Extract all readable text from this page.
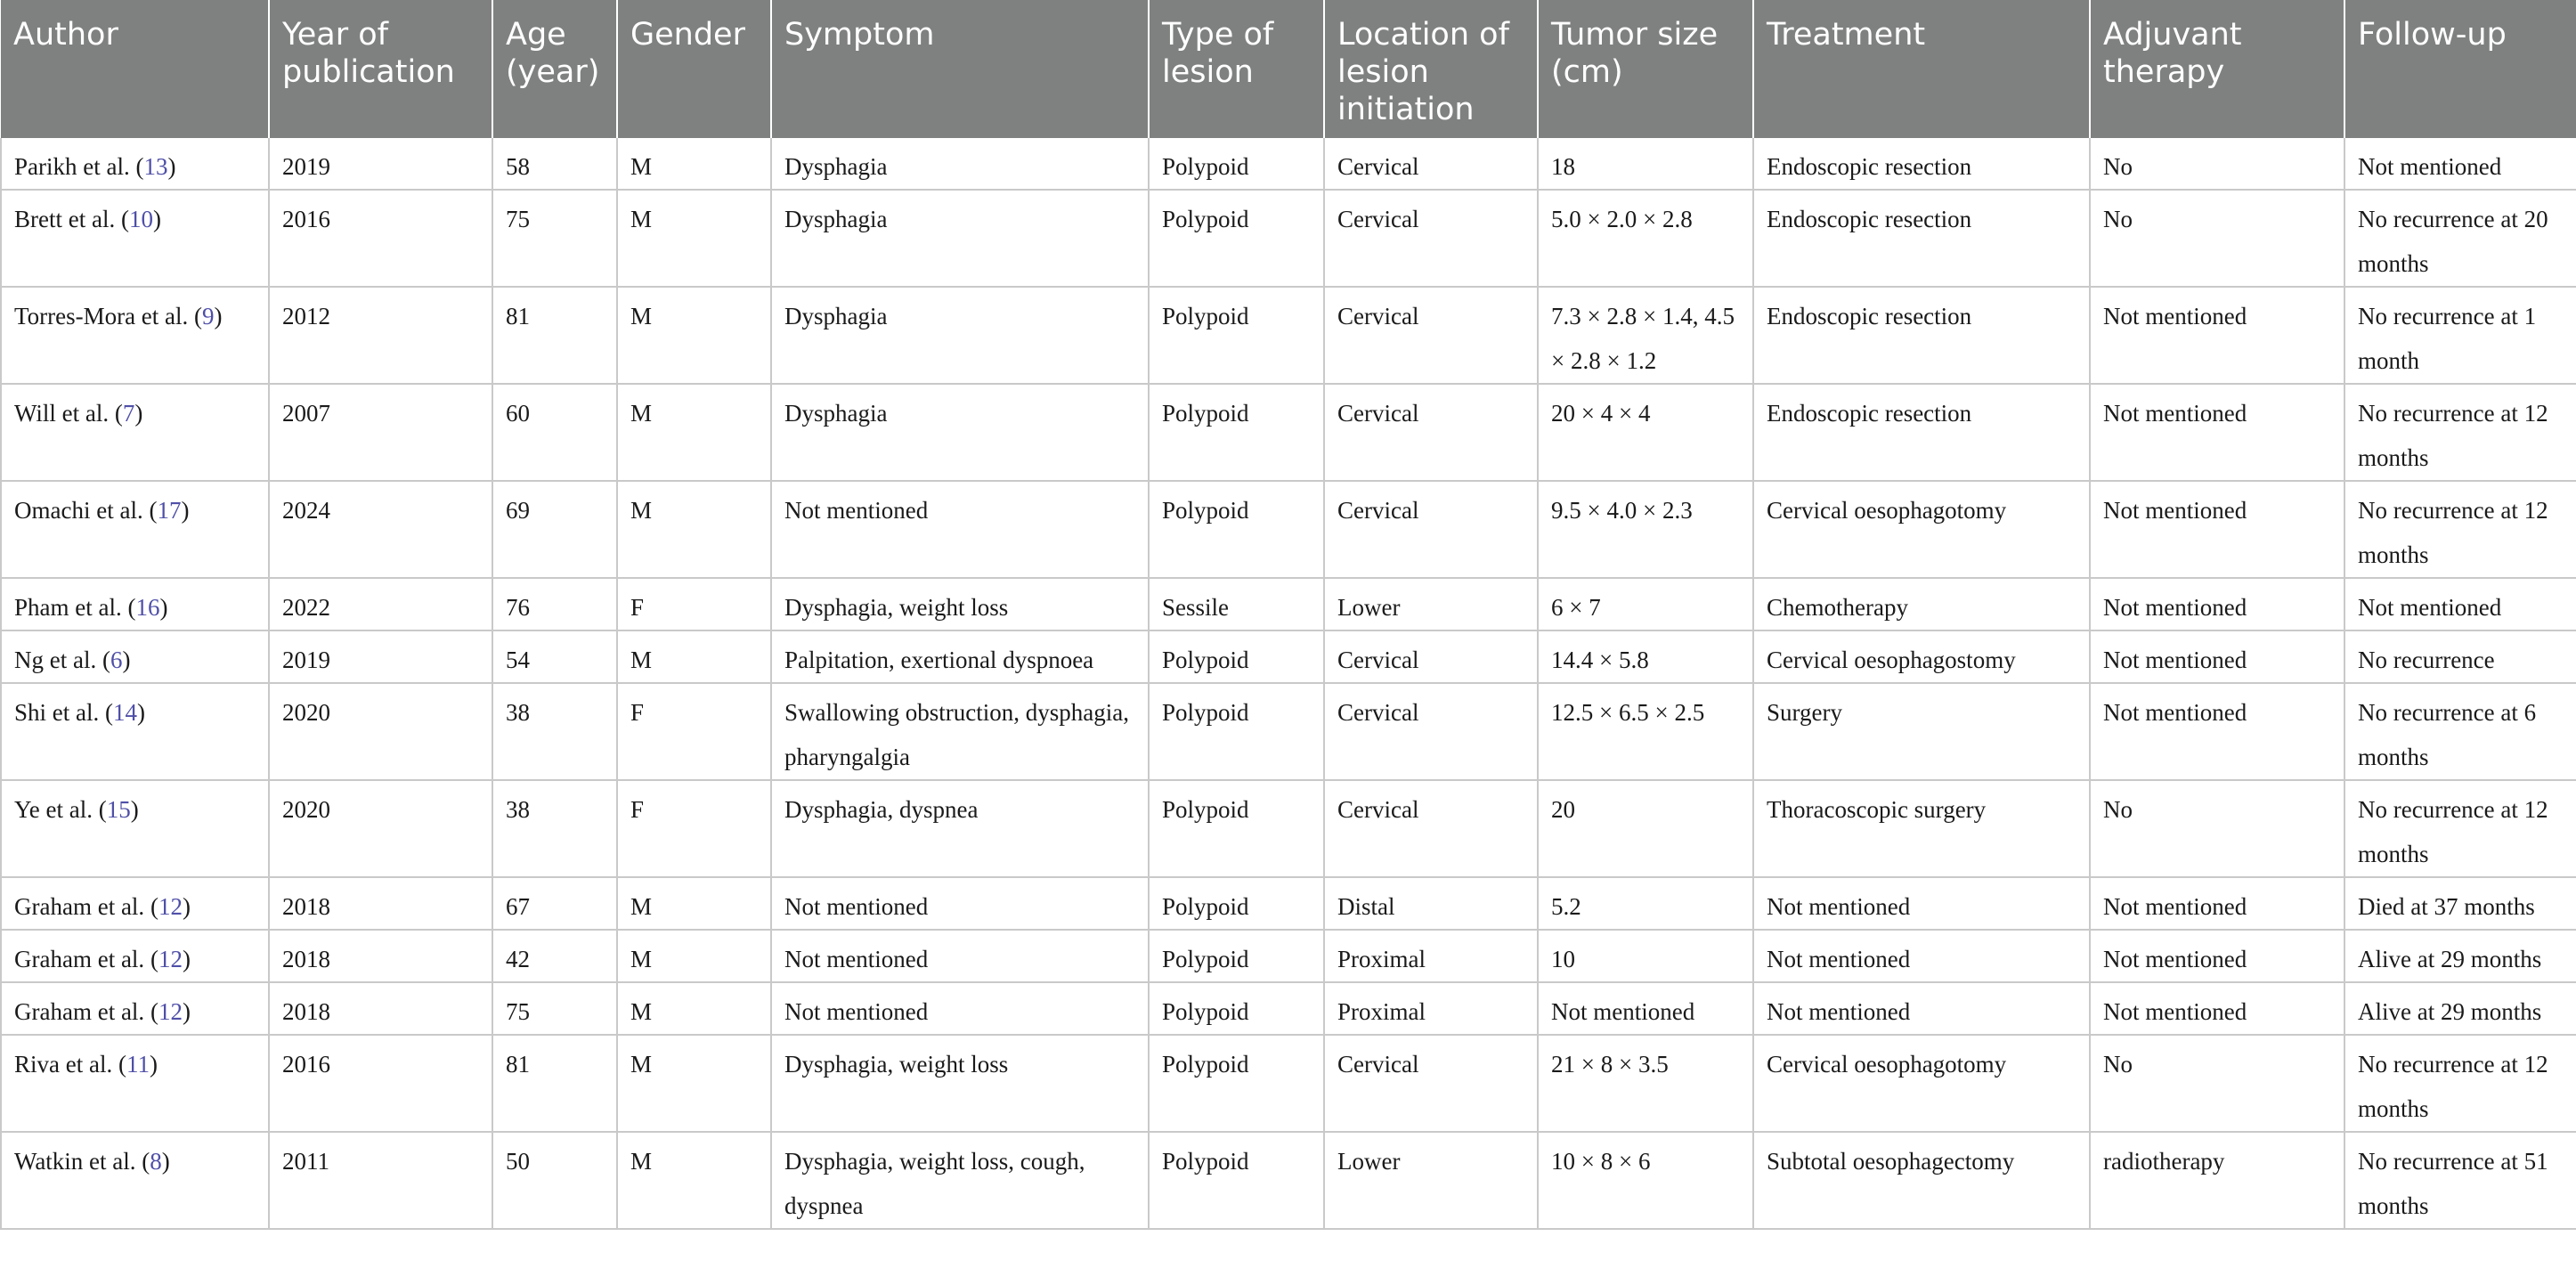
Author	Year of publication	Age (year)	Gender	Symptom	Type of lesion	Location of lesion initiation	Tumor size (cm)	Treatment	Adjuvant therapy	Follow-up
Parikh et al. (13)	2019	58	M	Dysphagia	Polypoid	Cervical	18	Endoscopic resection	No	Not mentioned
Brett et al. (10)	2016	75	M	Dysphagia	Polypoid	Cervical	5.0 × 2.0 × 2.8	Endoscopic resection	No	No recurrence at 20 months
Torres-Mora et al. (9)	2012	81	M	Dysphagia	Polypoid	Cervical	7.3 × 2.8 × 1.4, 4.5 × 2.8 × 1.2	Endoscopic resection	Not mentioned	No recurrence at 1 month
Will et al. (7)	2007	60	M	Dysphagia	Polypoid	Cervical	20 × 4 × 4	Endoscopic resection	Not mentioned	No recurrence at 12 months
Omachi et al. (17)	2024	69	M	Not mentioned	Polypoid	Cervical	9.5 × 4.0 × 2.3	Cervical oesophagotomy	Not mentioned	No recurrence at 12 months
Pham et al. (16)	2022	76	F	Dysphagia, weight loss	Sessile	Lower	6 × 7	Chemotherapy	Not mentioned	Not mentioned
Ng et al. (6)	2019	54	M	Palpitation, exertional dyspnoea	Polypoid	Cervical	14.4 × 5.8	Cervical oesophagostomy	Not mentioned	No recurrence
Shi et al. (14)	2020	38	F	Swallowing obstruction, dysphagia, pharyngalgia	Polypoid	Cervical	12.5 × 6.5 × 2.5	Surgery	Not mentioned	No recurrence at 6 months
Ye et al. (15)	2020	38	F	Dysphagia, dyspnea	Polypoid	Cervical	20	Thoracoscopic surgery	No	No recurrence at 12 months
Graham et al. (12)	2018	67	M	Not mentioned	Polypoid	Distal	5.2	Not mentioned	Not mentioned	Died at 37 months
Graham et al. (12)	2018	42	M	Not mentioned	Polypoid	Proximal	10	Not mentioned	Not mentioned	Alive at 29 months
Graham et al. (12)	2018	75	M	Not mentioned	Polypoid	Proximal	Not mentioned	Not mentioned	Not mentioned	Alive at 29 months
Riva et al. (11)	2016	81	M	Dysphagia, weight loss	Polypoid	Cervical	21 × 8 × 3.5	Cervical oesophagotomy	No	No recurrence at 12 months
Watkin et al. (8)	2011	50	M	Dysphagia, weight loss, cough, dyspnea	Polypoid	Lower	10 × 8 × 6	Subtotal oesophagectomy	radiotherapy	No recurrence at 51 months
